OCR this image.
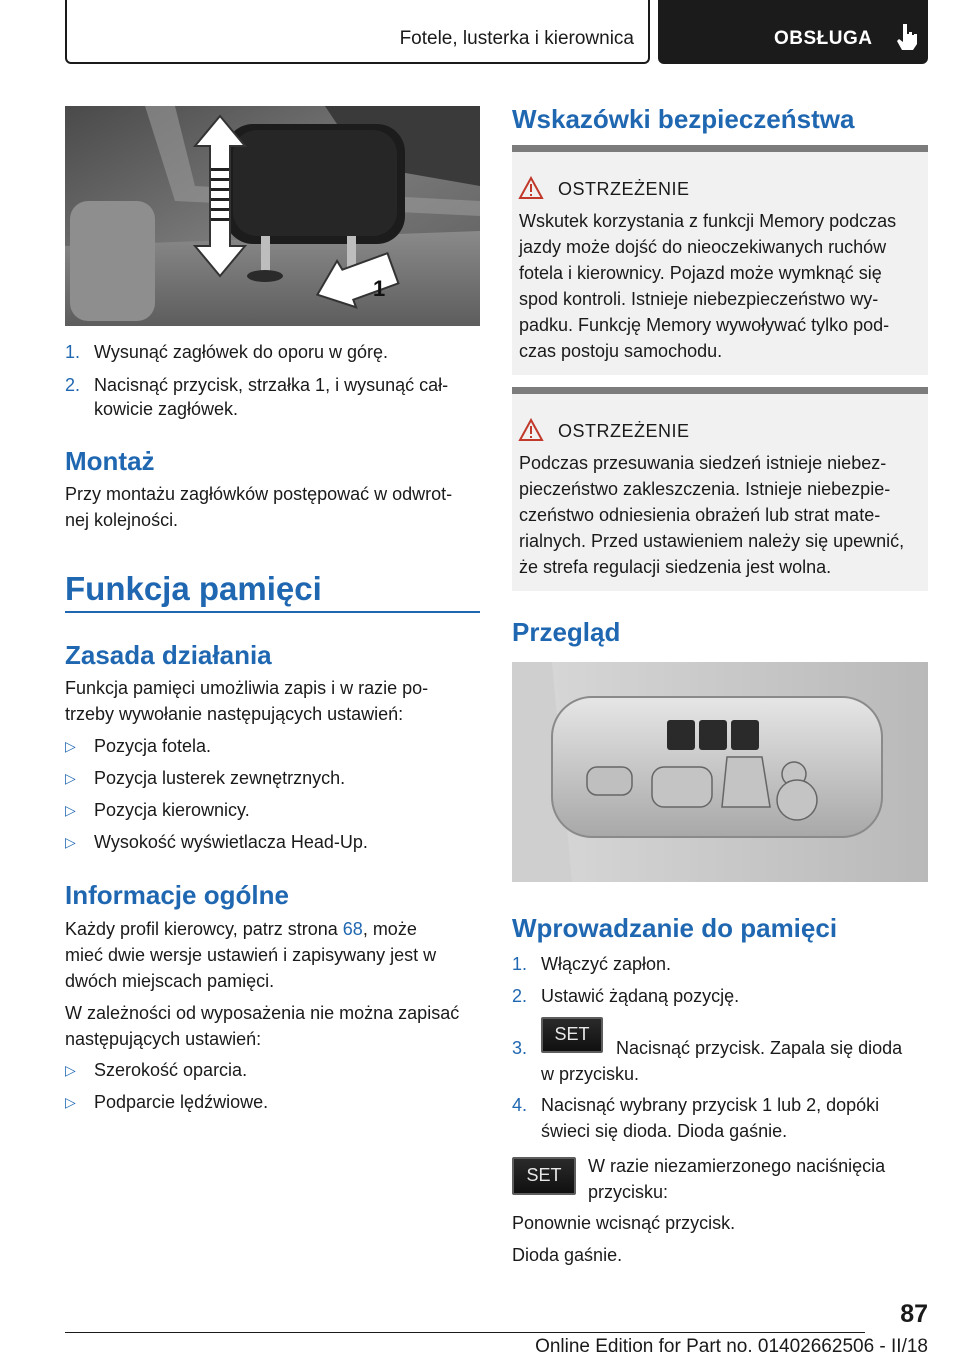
Fotele, lusterka i kierownica	OBSŁUGA
1
1. Wysunąć zagłówek do oporu w górę.
2. Nacisnąć przycisk, strzałka 1, i wysunąć cał‐
kowicie zagłówek.
Montaż
Przy montażu zagłówków postępować w odwrot‐
nej kolejności.
Funkcja pamięci
Zasada działania
Funkcja pamięci umożliwia zapis i w razie po‐
trzeby wywołanie następujących ustawień:
▷ Pozycja fotela.
▷ Pozycja lusterek zewnętrznych.
▷ Pozycja kierownicy.
▷ Wysokość wyświetlacza Head-Up.
Informacje ogólne
Każdy profil kierowcy, patrz strona 68, może
mieć dwie wersje ustawień i zapisywany jest w
dwóch miejscach pamięci.
W zależności od wyposażenia nie można zapisać
następujących ustawień:
▷ Szerokość oparcia.
▷ Podparcie lędźwiowe.
Wskazówki bezpieczeństwa
OSTRZEŻENIE
Wskutek korzystania z funkcji Memory podczas
jazdy może dojść do nieoczekiwanych ruchów
fotela i kierownicy. Pojazd może wymknąć się
spod kontroli. Istnieje niebezpieczeństwo wy‐
padku. Funkcję Memory wywoływać tylko pod‐
czas postoju samochodu.
OSTRZEŻENIE
Podczas przesuwania siedzeń istnieje niebez‐
pieczeństwo zakleszczenia. Istnieje niebezpie‐
czeństwo odniesienia obrażeń lub strat mate‐
rialnych. Przed ustawieniem należy się upewnić,
że strefa regulacji siedzenia jest wolna.
Przegląd
Wprowadzanie do pamięci
1. Włączyć zapłon.
2. Ustawić żądaną pozycję.
3.	Nacisnąć przycisk. Zapala się dioda
w przycisku.
SET
4. Nacisnąć wybrany przycisk 1 lub 2, dopóki
świeci się dioda. Dioda gaśnie.
SET	W razie niezamierzonego naciśnięcia
przycisku:
Ponownie wcisnąć przycisk.
Dioda gaśnie.
87
Online Edition for Part no. 01402662506 - II/18
